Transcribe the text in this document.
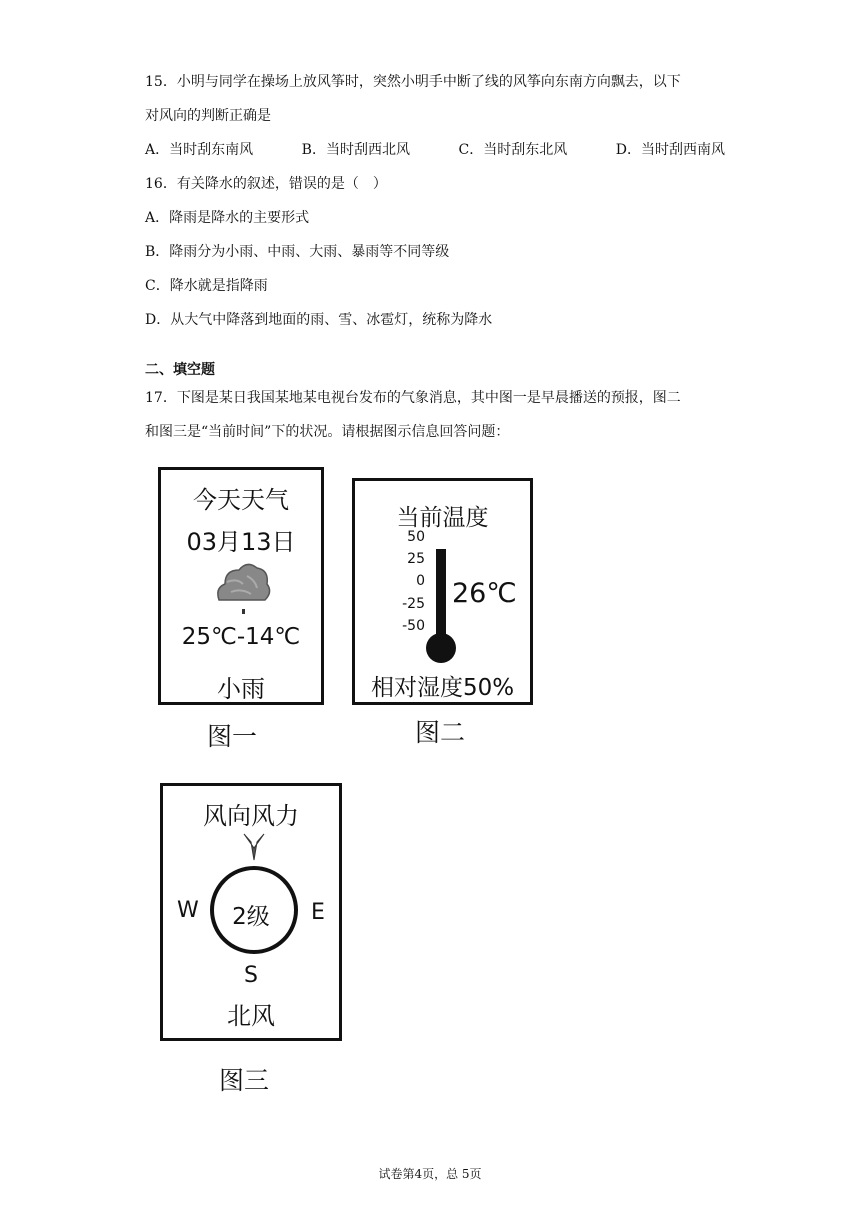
15．小明与同学在操场上放风筝时，突然小明手中断了线的风筝向东南方向飘去，以下
对风向的判断正确是
A．当时刮东南风	B．当时刮西北风	C．当时刮东北风	D．当时刮西南风
16．有关降水的叙述，错误的是（　）
A．降雨是降水的主要形式
B．降雨分为小雨、中雨、大雨、暴雨等不同等级
C．降水就是指降雨
D．从大气中降落到地面的雨、雪、冰雹灯，统称为降水
二、填空题
17．下图是某日我国某地某电视台发布的气象消息，其中图一是早晨播送的预报，图二
和图三是“当前时间”下的状况。请根据图示信息回答问题：
今天天气
03月13日
25℃-14℃
小雨
图一
当前温度
50
25
0
-25
-50
26℃
相对湿度50%
图二
风向风力
W	E
2级
S
北风
图三
试卷第4页，总 5页
